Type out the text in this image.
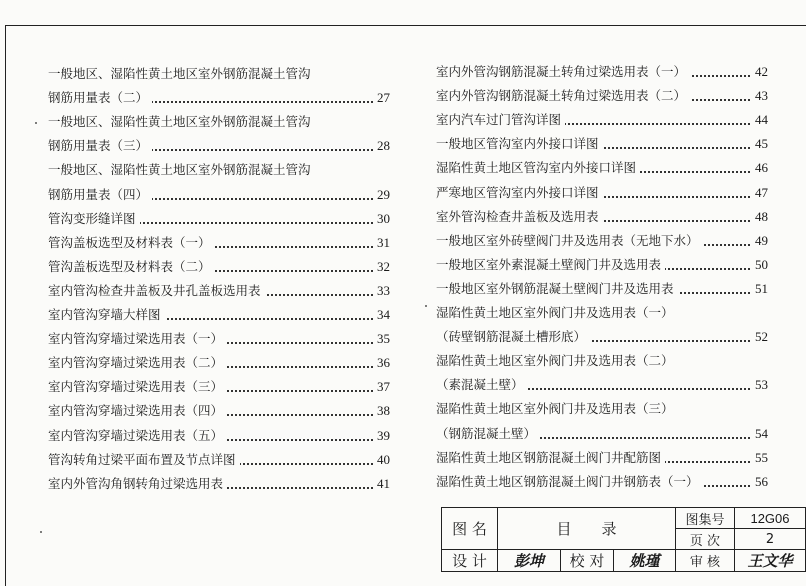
一般地区、湿陷性黄土地区室外钢筋混凝土管沟
钢筋用量表（二）	27
一般地区、湿陷性黄土地区室外钢筋混凝土管沟
钢筋用量表（三）	28
一般地区、湿陷性黄土地区室外钢筋混凝土管沟
钢筋用量表（四）	29
管沟变形缝详图	30
管沟盖板选型及材料表（一）	31
管沟盖板选型及材料表（二）	32
室内管沟检查井盖板及井孔盖板选用表	33
室内管沟穿墙大样图	34
室内管沟穿墙过梁选用表（一）	35
室内管沟穿墙过梁选用表（二）	36
室内管沟穿墙过梁选用表（三）	37
室内管沟穿墙过梁选用表（四）	38
室内管沟穿墙过梁选用表（五）	39
管沟转角过梁平面布置及节点详图	40
室内外管沟角钢转角过梁选用表	41
室内外管沟钢筋混凝土转角过梁选用表（一）	42
室内外管沟钢筋混凝土转角过梁选用表（二）	43
室内汽车过门管沟详图	44
一般地区管沟室内外接口详图	45
湿陷性黄土地区管沟室内外接口详图	46
严寒地区管沟室内外接口详图	47
室外管沟检查井盖板及选用表	48
一般地区室外砖壁阀门井及选用表（无地下水）	49
一般地区室外素混凝土壁阀门井及选用表	50
一般地区室外钢筋混凝土壁阀门井及选用表	51
湿陷性黄土地区室外阀门井及选用表（一）
（砖壁钢筋混凝土槽形底）	52
湿陷性黄土地区室外阀门井及选用表（二）
（素混凝土壁）	53
湿陷性黄土地区室外阀门井及选用表（三）
（钢筋混凝土壁）	54
湿陷性黄土地区钢筋混凝土阀门井配筋图	55
湿陷性黄土地区钢筋混凝土阀门井钢筋表（一）	56
图 名	目　　录			图集号	12G06
				页 次	2
设 计	彭坤	校 对	姚瑾	审 核	王文华
